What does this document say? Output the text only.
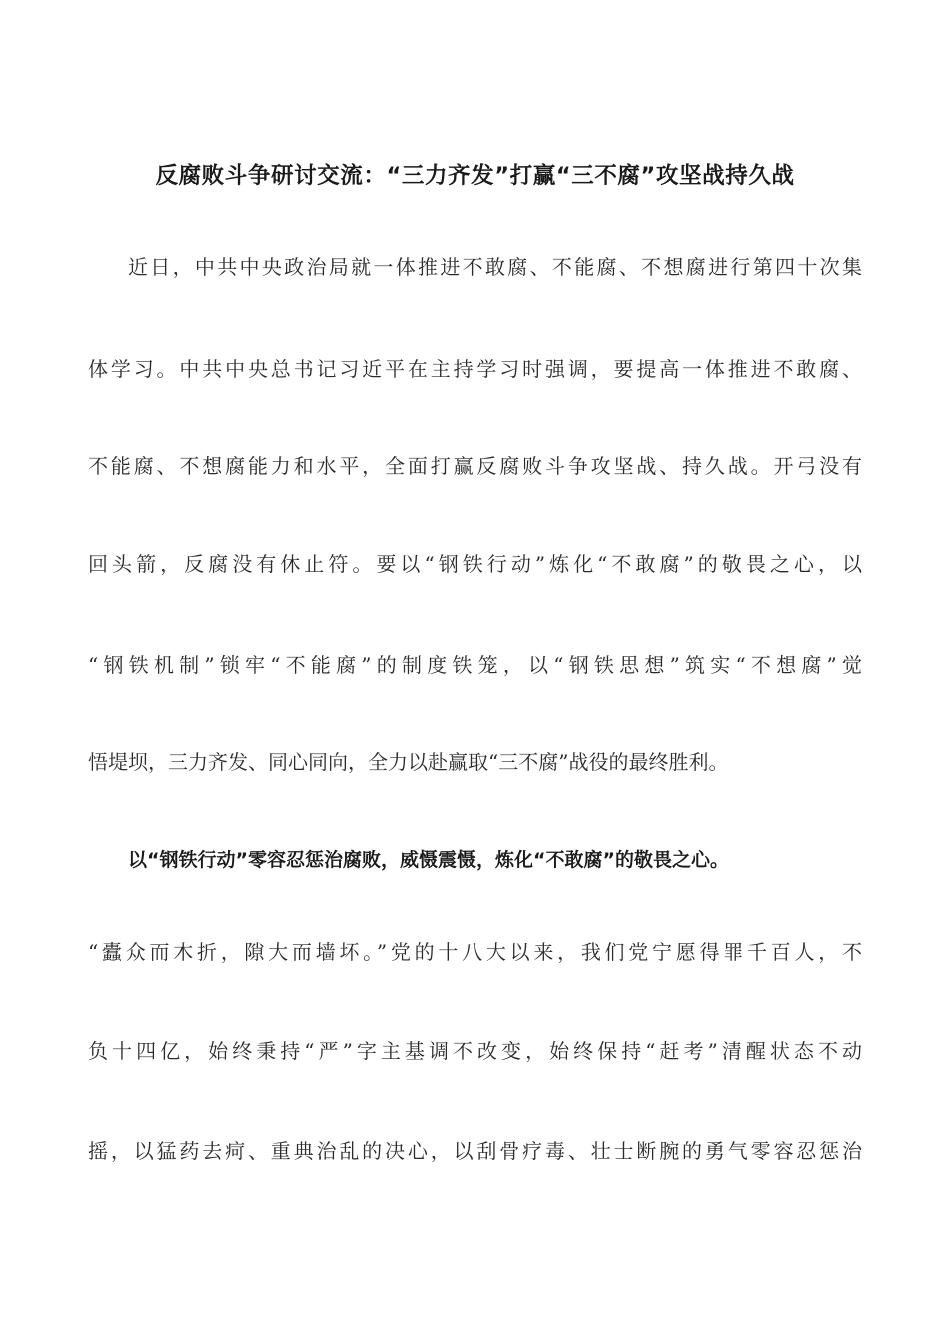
反腐败斗争研讨交流：“三力齐发”打赢“三不腐”攻坚战持久战
近日，中共中央政治局就一体推进不敢腐、不能腐、不想腐进行第四十次集
体学习。中共中央总书记习近平在主持学习时强调，要提高一体推进不敢腐、
不能腐、不想腐能力和水平，全面打赢反腐败斗争攻坚战、持久战。开弓没有
回头箭，反腐没有休止符。要以“钢铁行动”炼化“不敢腐”的敬畏之心，以
“钢铁机制”锁牢“不能腐”的制度铁笼，以“钢铁思想”筑实“不想腐”觉
悟堤坝，三力齐发、同心同向，全力以赴赢取“三不腐”战役的最终胜利。
以“钢铁行动”零容忍惩治腐败，威慑震慑，炼化“不敢腐”的敬畏之心。
“蠹众而木折，隙大而墙坏。”党的十八大以来，我们党宁愿得罪千百人，不
负十四亿，始终秉持“严”字主基调不改变，始终保持“赶考”清醒状态不动
摇，以猛药去疴、重典治乱的决心，以刮骨疗毒、壮士断腕的勇气零容忍惩治
